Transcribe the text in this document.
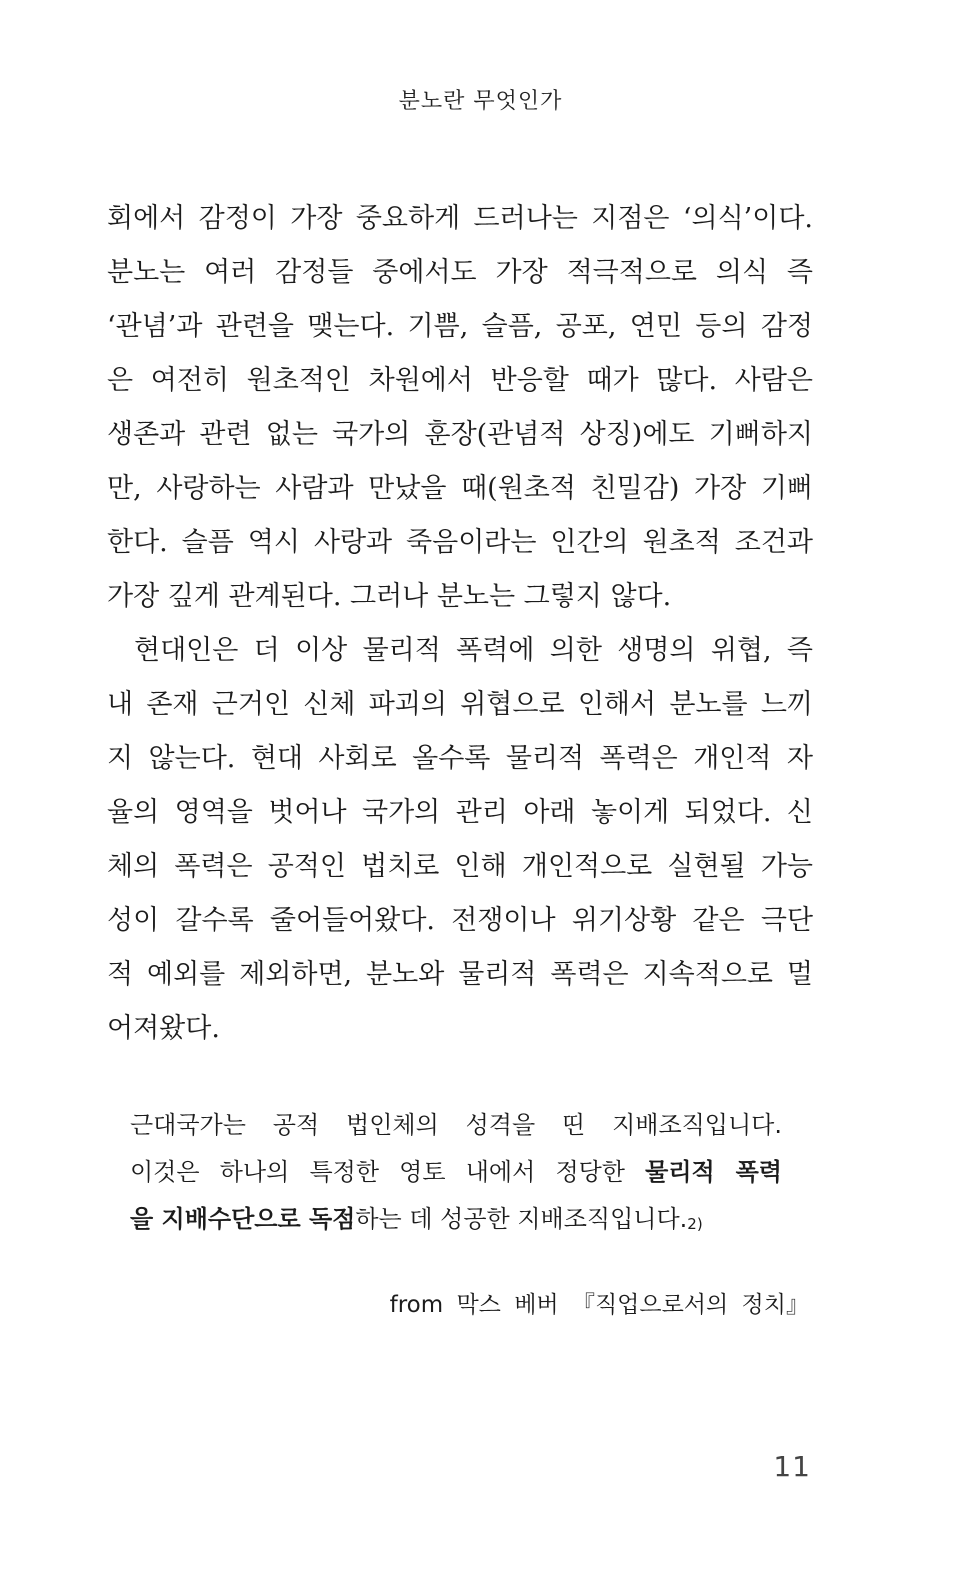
분노란 무엇인가
회에서 감정이 가장 중요하게 드러나는 지점은 ‘의식’이다.
분노는 여러 감정들 중에서도 가장 적극적으로 의식 즉
‘관념’과 관련을 맺는다. 기쁨, 슬픔, 공포, 연민 등의 감정
은 여전히 원초적인 차원에서 반응할 때가 많다. 사람은
생존과 관련 없는 국가의 훈장(관념적 상징)에도 기뻐하지
만, 사랑하는 사람과 만났을 때(원초적 친밀감) 가장 기뻐
한다. 슬픔 역시 사랑과 죽음이라는 인간의 원초적 조건과
가장 깊게 관계된다. 그러나 분노는 그렇지 않다.
현대인은 더 이상 물리적 폭력에 의한 생명의 위협, 즉
내 존재 근거인 신체 파괴의 위협으로 인해서 분노를 느끼
지 않는다. 현대 사회로 올수록 물리적 폭력은 개인적 자
율의 영역을 벗어나 국가의 관리 아래 놓이게 되었다. 신
체의 폭력은 공적인 법치로 인해 개인적으로 실현될 가능
성이 갈수록 줄어들어왔다. 전쟁이나 위기상황 같은 극단
적 예외를 제외하면, 분노와 물리적 폭력은 지속적으로 멀
어져왔다.
근대국가는 공적 법인체의 성격을 띤 지배조직입니다.
이것은 하나의 특정한 영토 내에서 정당한 물리적 폭력
을 지배수단으로 독점하는 데 성공한 지배조직입니다.$^{2)}$
from 막스 베버 『직업으로서의 정치』
11
